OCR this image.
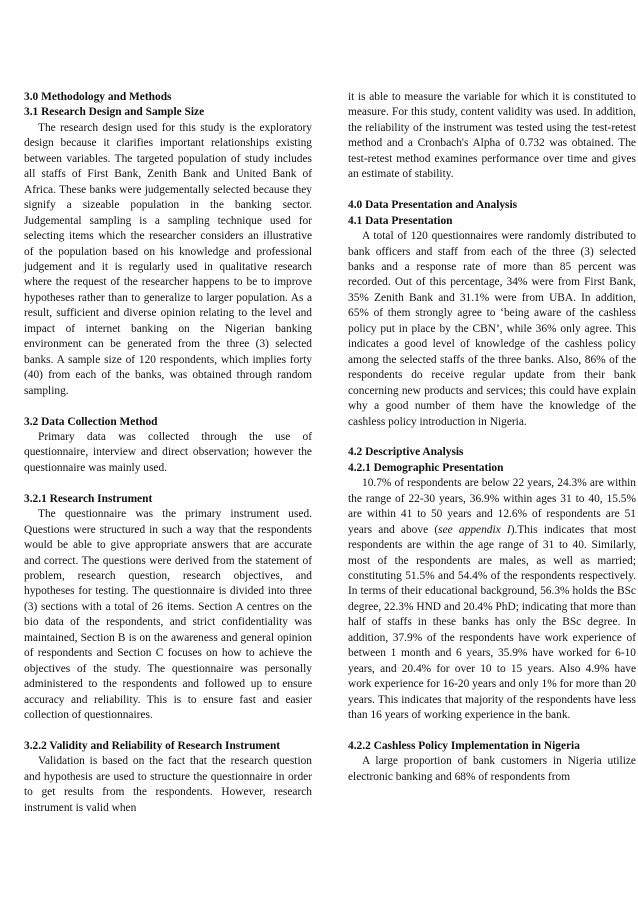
3.0 Methodology and Methods
3.1 Research Design and Sample Size

The research design used for this study is the exploratory design because it clarifies important relationships existing between variables. The targeted population of study includes all staffs of First Bank, Zenith Bank and United Bank of Africa. These banks were judgementally selected because they signify a sizeable population in the banking sector. Judgemental sampling is a sampling technique used for selecting items which the researcher considers an illustrative of the population based on his knowledge and professional judgement and it is regularly used in qualitative research where the request of the researcher happens to be to improve hypotheses rather than to generalize to larger population. As a result, sufficient and diverse opinion relating to the level and impact of internet banking on the Nigerian banking environment can be generated from the three (3) selected banks. A sample size of 120 respondents, which implies forty (40) from each of the banks, was obtained through random sampling.

3.2 Data Collection Method

Primary data was collected through the use of questionnaire, interview and direct observation; however the questionnaire was mainly used.

3.2.1 Research Instrument

The questionnaire was the primary instrument used. Questions were structured in such a way that the respondents would be able to give appropriate answers that are accurate and correct. The questions were derived from the statement of problem, research question, research objectives, and hypotheses for testing. The questionnaire is divided into three (3) sections with a total of 26 items. Section A centres on the bio data of the respondents, and strict confidentiality was maintained, Section B is on the awareness and general opinion of respondents and Section C focuses on how to achieve the objectives of the study. The questionnaire was personally administered to the respondents and followed up to ensure accuracy and reliability. This is to ensure fast and easier collection of questionnaires.

3.2.2 Validity and Reliability of Research Instrument

Validation is based on the fact that the research question and hypothesis are used to structure the questionnaire in order to get results from the respondents. However, research instrument is valid when

it is able to measure the variable for which it is constituted to measure. For this study, content validity was used. In addition, the reliability of the instrument was tested using the test-retest method and a Cronbach's Alpha of 0.732 was obtained. The test-retest method examines performance over time and gives an estimate of stability.

4.0 Data Presentation and Analysis
4.1 Data Presentation

A total of 120 questionnaires were randomly distributed to bank officers and staff from each of the three (3) selected banks and a response rate of more than 85 percent was recorded. Out of this percentage, 34% were from First Bank, 35% Zenith Bank and 31.1% were from UBA. In addition, 65% of them strongly agree to ‘being aware of the cashless policy put in place by the CBN’, while 36% only agree. This indicates a good level of knowledge of the cashless policy among the selected staffs of the three banks. Also, 86% of the respondents do receive regular update from their bank concerning new products and services; this could have explain why a good number of them have the knowledge of the cashless policy introduction in Nigeria.

4.2 Descriptive Analysis
4.2.1 Demographic Presentation

10.7% of respondents are below 22 years, 24.3% are within the range of 22-30 years, 36.9% within ages 31 to 40, 15.5% are within 41 to 50 years and 12.6% of respondents are 51 years and above (see appendix I).This indicates that most respondents are within the age range of 31 to 40. Similarly, most of the respondents are males, as well as married; constituting 51.5% and 54.4% of the respondents respectively. In terms of their educational background, 56.3% holds the BSc degree, 22.3% HND and 20.4% PhD; indicating that more than half of staffs in these banks has only the BSc degree. In addition, 37.9% of the respondents have work experience of between 1 month and 6 years, 35.9% have worked for 6-10 years, and 20.4% for over 10 to 15 years. Also 4.9% have work experience for 16-20 years and only 1% for more than 20 years. This indicates that majority of the respondents have less than 16 years of working experience in the bank.

4.2.2 Cashless Policy Implementation in Nigeria

A large proportion of bank customers in Nigeria utilize electronic banking and 68% of respondents from
